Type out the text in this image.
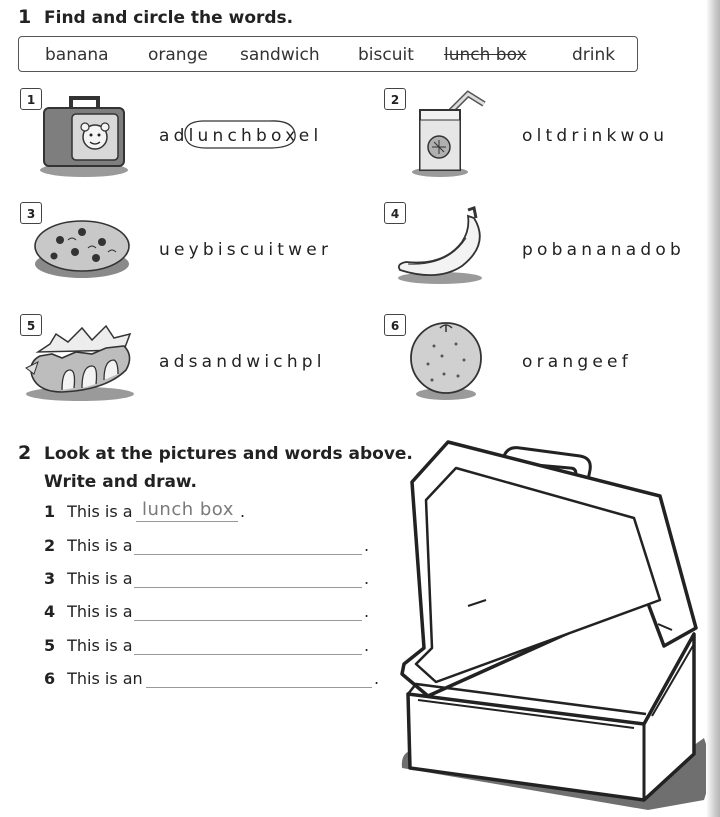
1 Find and circle the words.
banana orange sandwich biscuit lunch box	drink
1
adlunchboxel
2
oltdrinkwou
3
ueybiscuitwer
4
pobananadob
5
adsandwichpl
6
orangeef
2 Look at the pictures and words above.
Write and draw.
1 This is a lunch box .
2 This is a	.
3 This is a	.
4 This is a	.
5 This is a	.
6 This is an	.
